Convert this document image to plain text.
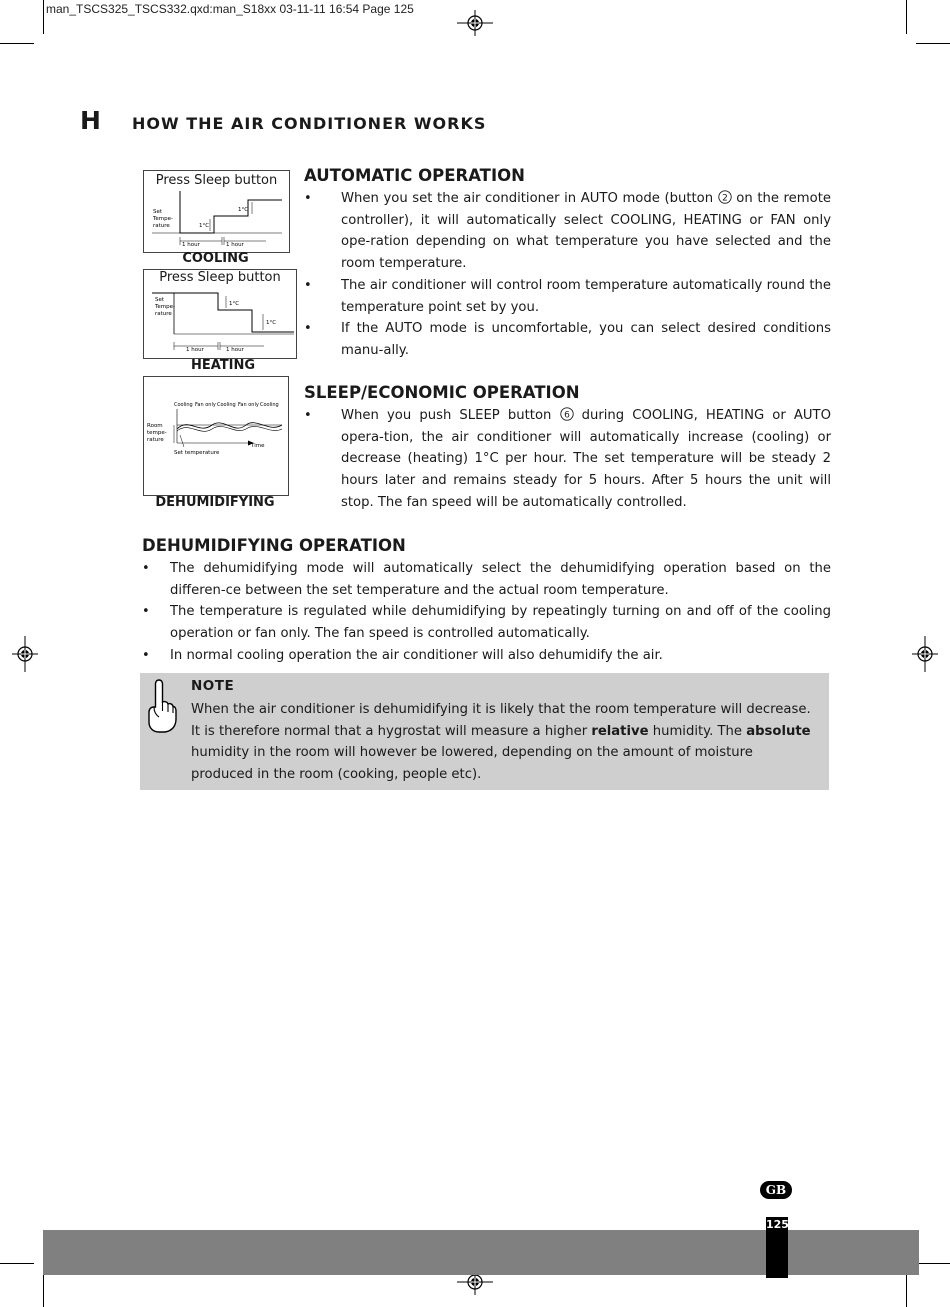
man_TSCS325_TSCS332.qxd:man_S18xx 03-11-11 16:54 Page 125
H HOW THE AIR CONDITIONER WORKS
Press Sleep button
Set
Tempe-
rature	1°C
1°C
1 hour	1 hour
COOLING
Press Sleep button
Set
Tempe-
rature
1°C
1°C
1 hour	1 hour
HEATING
Cooling Fan only Cooling Fan only Cooling
Room
tempe-
rature
Time
Set temperature
DEHUMIDIFYING
AUTOMATIC OPERATION
• When you set the air conditioner in AUTO mode (button 2 on the remote controller), it will automatically select COOLING, HEATING or FAN only ope-ration depending on what temperature you have selected and the room temperature.
• The air conditioner will control room temperature automatically round the temperature point set by you.
• If the AUTO mode is uncomfortable, you can select desired conditions manu-ally.
SLEEP/ECONOMIC OPERATION
• When you push SLEEP button 6 during COOLING, HEATING or AUTO opera-tion, the air conditioner will automatically increase (cooling) or decrease (heating) 1°C per hour. The set temperature will be steady 2 hours later and remains steady for 5 hours. After 5 hours the unit will stop. The fan speed will be automatically controlled.
DEHUMIDIFYING OPERATION
• The dehumidifying mode will automatically select the dehumidifying operation based on the differen-ce between the set temperature and the actual room temperature.
• The temperature is regulated while dehumidifying by repeatingly turning on and off of the cooling operation or fan only. The fan speed is controlled automatically.
• In normal cooling operation the air conditioner will also dehumidify the air.
NOTE
When the air conditioner is dehumidifying it is likely that the room temperature will decrease. It is therefore normal that a hygrostat will measure a higher relative humidity. The absolute humidity in the room will however be lowered, depending on the amount of moisture produced in the room (cooking, people etc).
GB
125
